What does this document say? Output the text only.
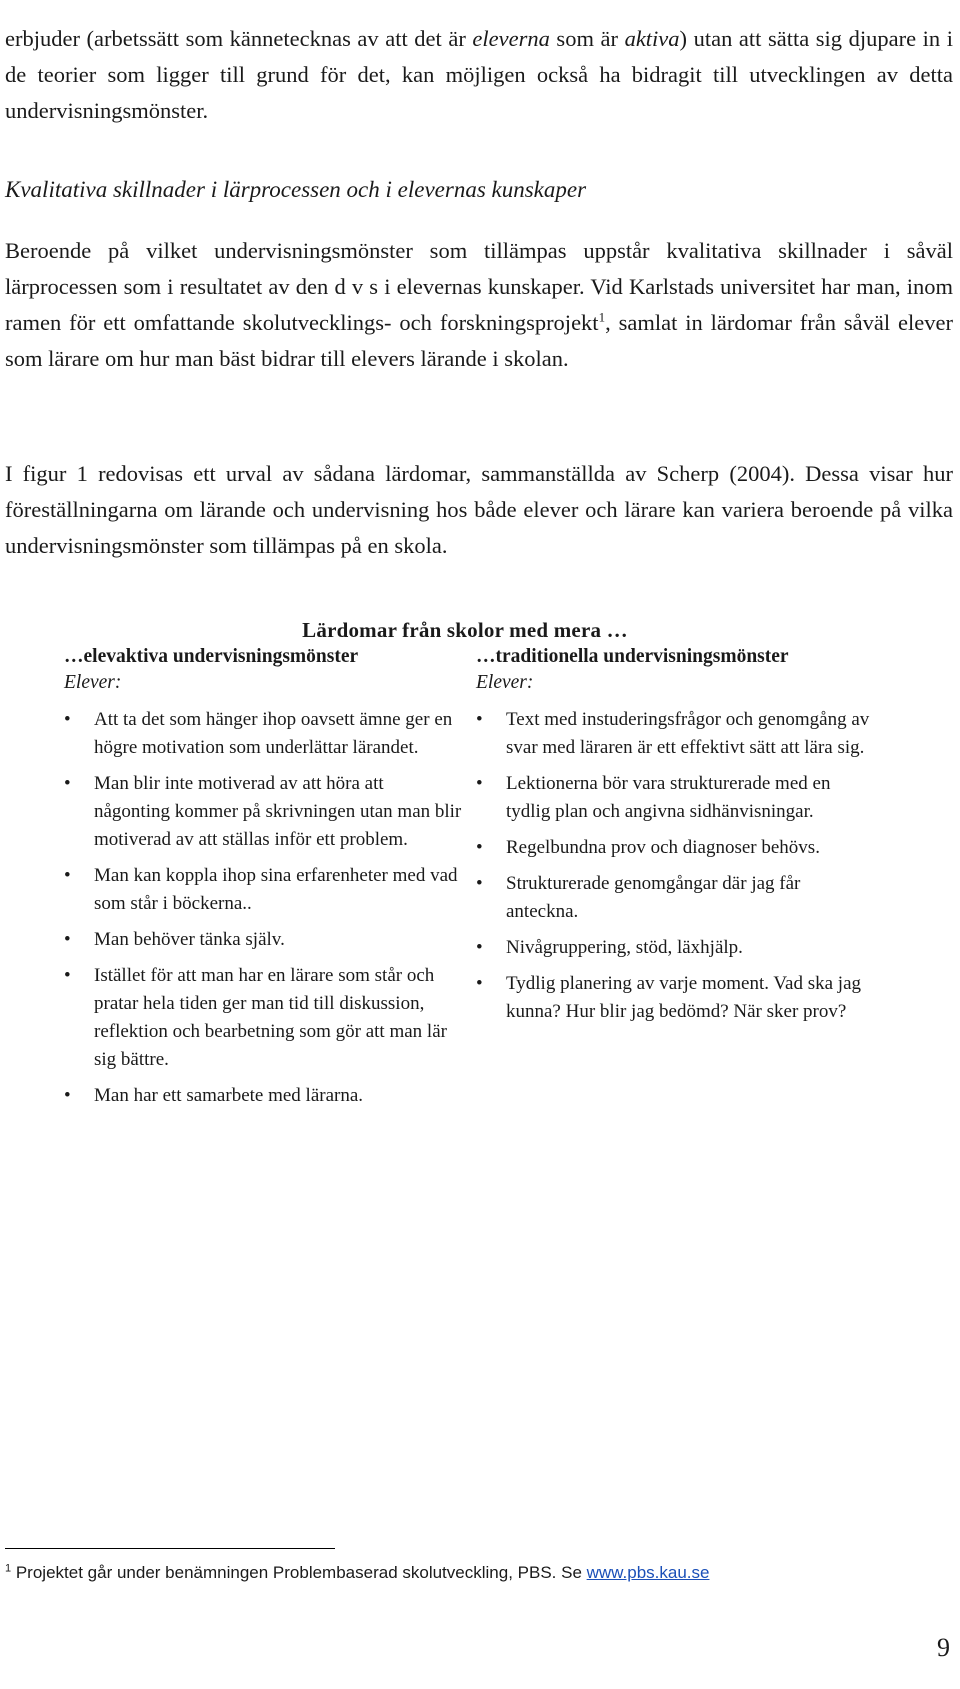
erbjuder (arbetssätt som kännetecknas av att det är eleverna som är aktiva) utan att sätta sig djupare in i de teorier som ligger till grund för det, kan möjligen också ha bidragit till utvecklingen av detta undervisningsmönster.

Kvalitativa skillnader i lärprocessen och i elevernas kunskaper

Beroende på vilket undervisningsmönster som tillämpas uppstår kvalitativa skillnader i såväl lärprocessen som i resultatet av den d v s i elevernas kunskaper. Vid Karlstads universitet har man, inom ramen för ett omfattande skolutvecklings- och forskningsprojekt$^1$, samlat in lärdomar från såväl elever som lärare om hur man bäst bidrar till elevers lärande i skolan.

I figur 1 redovisas ett urval av sådana lärdomar, sammanställda av Scherp (2004). Dessa visar hur föreställningarna om lärande och undervisning hos både elever och lärare kan variera beroende på vilka undervisningsmönster som tillämpas på en skola.

Lärdomar från skolor med mera …
…elevaktiva undervisningsmönster
Elever:
• Att ta det som hänger ihop oavsett ämne ger en högre motivation som underlättar lärandet.
• Man blir inte motiverad av att höra att någonting kommer på skrivningen utan man blir motiverad av att ställas inför ett problem.
• Man kan koppla ihop sina erfarenheter med vad som står i böckerna..
• Man behöver tänka själv.
• Istället för att man har en lärare som står och pratar hela tiden ger man tid till diskussion, reflektion och bearbetning som gör att man lär sig bättre.
• Man har ett samarbete med lärarna.
…traditionella undervisningsmönster
Elever:
• Text med instuderingsfrågor och genomgång av svar med läraren är ett effektivt sätt att lära sig.
• Lektionerna bör vara strukturerade med en tydlig plan och angivna sidhänvisningar.
• Regelbundna prov och diagnoser behövs.
• Strukturerade genomgångar där jag får anteckna.
• Nivågruppering, stöd, läxhjälp.
• Tydlig planering av varje moment. Vad ska jag kunna? Hur blir jag bedömd? När sker prov?
$^1$ Projektet går under benämningen Problembaserad skolutveckling, PBS. Se www.pbs.kau.se
9
